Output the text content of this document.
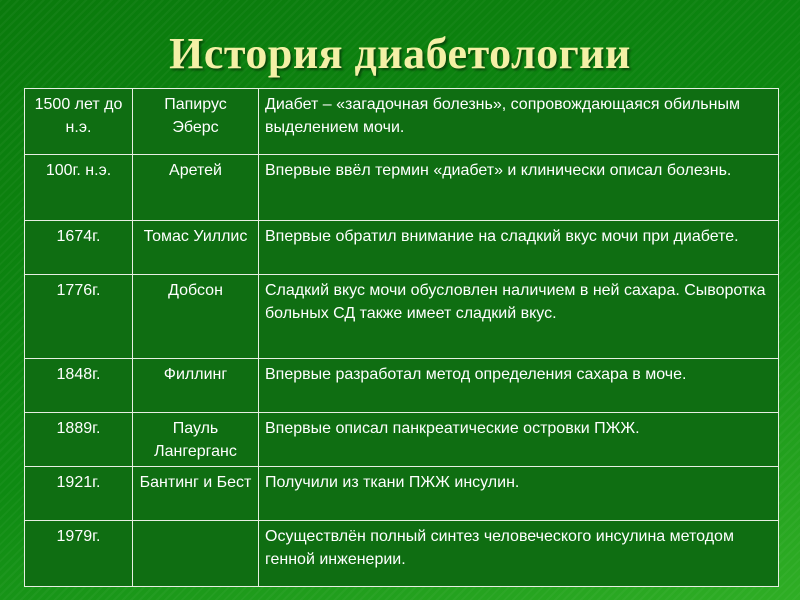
История диабетологии
1500 лет до н.э.	Папирус Эберс	Диабет – «загадочная болезнь», сопровождающаяся обильным выделением мочи.
100г. н.э.	Аретей	Впервые ввёл термин «диабет» и клинически описал болезнь.
1674г.	Томас Уиллис	Впервые обратил внимание на сладкий вкус мочи при диабете.
1776г.	Добсон	Сладкий вкус мочи обусловлен наличием в ней сахара. Сыворотка больных СД также имеет сладкий вкус.
1848г.	Филлинг	Впервые разработал метод определения сахара в моче.
1889г.	Пауль Лангерганс	Впервые описал панкреатические островки ПЖЖ.
1921г.	Бантинг и Бест	Получили из ткани ПЖЖ инсулин.
1979г.		Осуществлён полный синтез человеческого инсулина методом генной инженерии.
